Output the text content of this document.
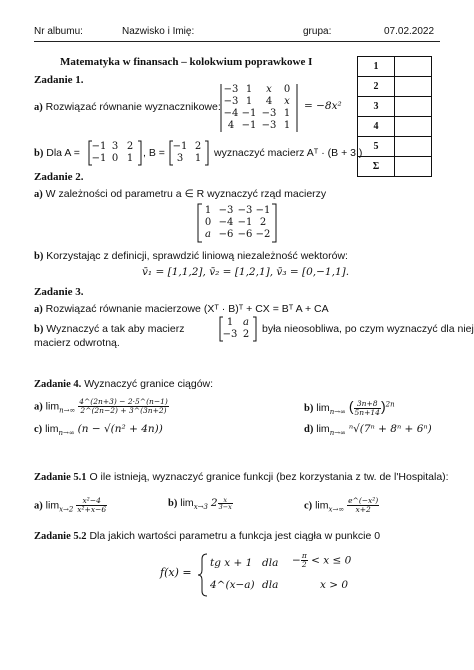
Nr albumu:	Nazwisko i Imię:	grupa:	07.02.2022
1	
2	
3	
4	
5	
Σ	
Matematyka w finansach – kolokwium poprawkowe I
Zadanie 1.
a) Rozwiązać równanie wyznacznikowe:
−3 1	x	0
−3 1	4	x
−4 −1 −3 1
4 −1 −3 1
= −8x²
b) Dla A =
−1 3 2
−1 0 1 , B =
−1 2
3	1	wyznaczyć macierz Aᵀ · (B + 3I)
Zadanie 2.
a) W zależności od parametru a ∈ R wyznaczyć rząd macierzy
1 −3 −3 −1
0 −4 −1 2
a −6 −6 −2
b) Korzystając z definicji, sprawdzić liniową niezależność wektorów:
v̄₁ = [1,1,2], v̄₂ = [1,2,1], v̄₃ = [0,−1,1].
Zadanie 3.
a) Rozwiązać równanie macierzowe (Xᵀ · B)ᵀ + CX = Bᵀ A + CA
b) Wyznaczyć a tak aby macierz
1 a
−3 2	była nieosobliwa, po czym wyznaczyć dla niej
macierz odwrotną.
Zadanie 4. Wyznaczyć granice ciągów:
a) $\lim_{n\to\infty} \frac{4\^{}(2n+3) - 2\cdot 5\^{}(n-1)}{2\^{}(2n-2) + 3\^{}(3n+2)}$	b) $\lim_{n\to\infty}$ ( $\frac{3n+8}{5n+14} )^{2n}$
c) $\lim_{n\to\infty} (n - √(n^2 + 4n))$	d) $\lim_{n\to\infty} ^n√(7^n + 8^n + 6^n)$
Zadanie 5.1 O ile istnieją, wyznaczyć granice funkcji (bez korzystania z tw. de l'Hospitala):
a) $\lim_{x\to 2} \frac{\text{x²−4}}{\text{x²+x−6}}$	b) $\lim_{x\to 3} 2 \frac{x}{3-x}$	c) $\lim_{x\to\infty} \frac{\text{e\textasciicircum{}(−x²)}}{x+2}$
Zadanie 5.2 Dla jakich wartości parametru a funkcja jest ciągła w punkcie 0
f(x) =
tg x + 1 dla − $\frac{\pi}{2} < x \le 0$
4^(x−a) dla	x > 0
